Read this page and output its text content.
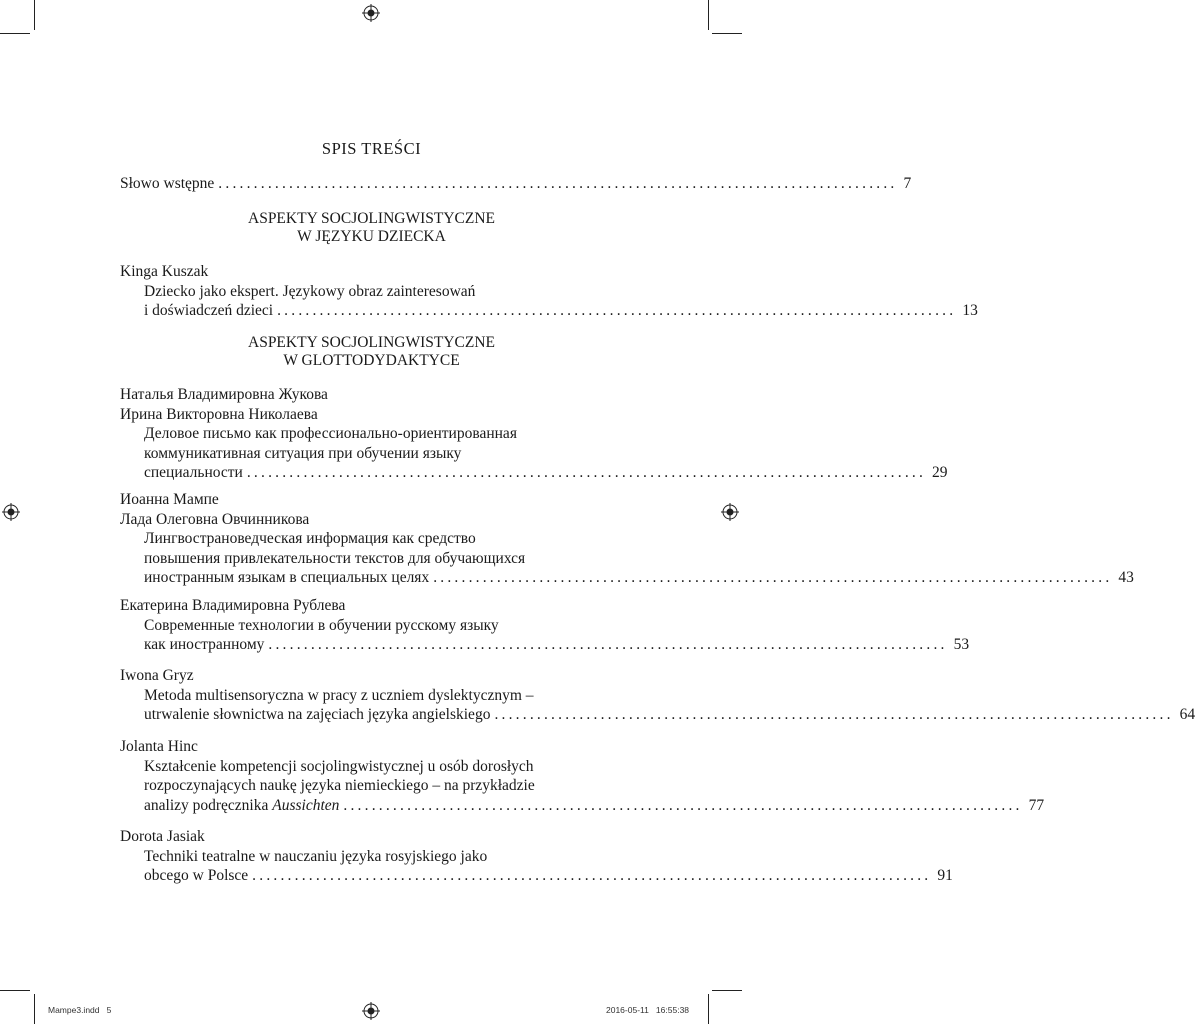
SPIS TREŚCI
Słowo wstępne ................................................................................................ 7
ASPEKTY SOCJOLINGWISTYCZNE
W JĘZYKU DZIECKA
Kinga Kuszak
Dziecko jako ekspert. Językowy obraz zainteresowań
i doświadczeń dzieci ................................................................................................ 13
ASPEKTY SOCJOLINGWISTYCZNE
W GLOTTODYDAKTYCE
Наталья Владимировна Жукова
Ирина Викторовна Николаева
Деловое письмо как профессионально-ориентированная
коммуникативная ситуация при обучении языку
специальности ................................................................................................ 29
Иоанна Мампе
Лада Олеговна Овчинникова
Лингвострановедческая информация как средство
повышения привлекательности текстов для обучающихся
иностранным языкам в специальных целях ................................................................................................ 43
Екатерина Владимировна Рублева
Современные технологии в обучении русскому языку
как иностранному ................................................................................................ 53
Iwona Gryz
Metoda multisensoryczna w pracy z uczniem dyslektycznym –
utrwalenie słownictwa na zajęciach języka angielskiego ................................................................................................ 64
Jolanta Hinc
Kształcenie kompetencji socjolingwistycznej u osób dorosłych
rozpoczynających naukę języka niemieckiego – na przykładzie
analizy podręcznika Aussichten ................................................................................................ 77
Dorota Jasiak
Techniki teatralne w nauczaniu języka rosyjskiego jako
obcego w Polsce ................................................................................................ 91
Mampe3.indd   5	2016-05-11   16:55:38
